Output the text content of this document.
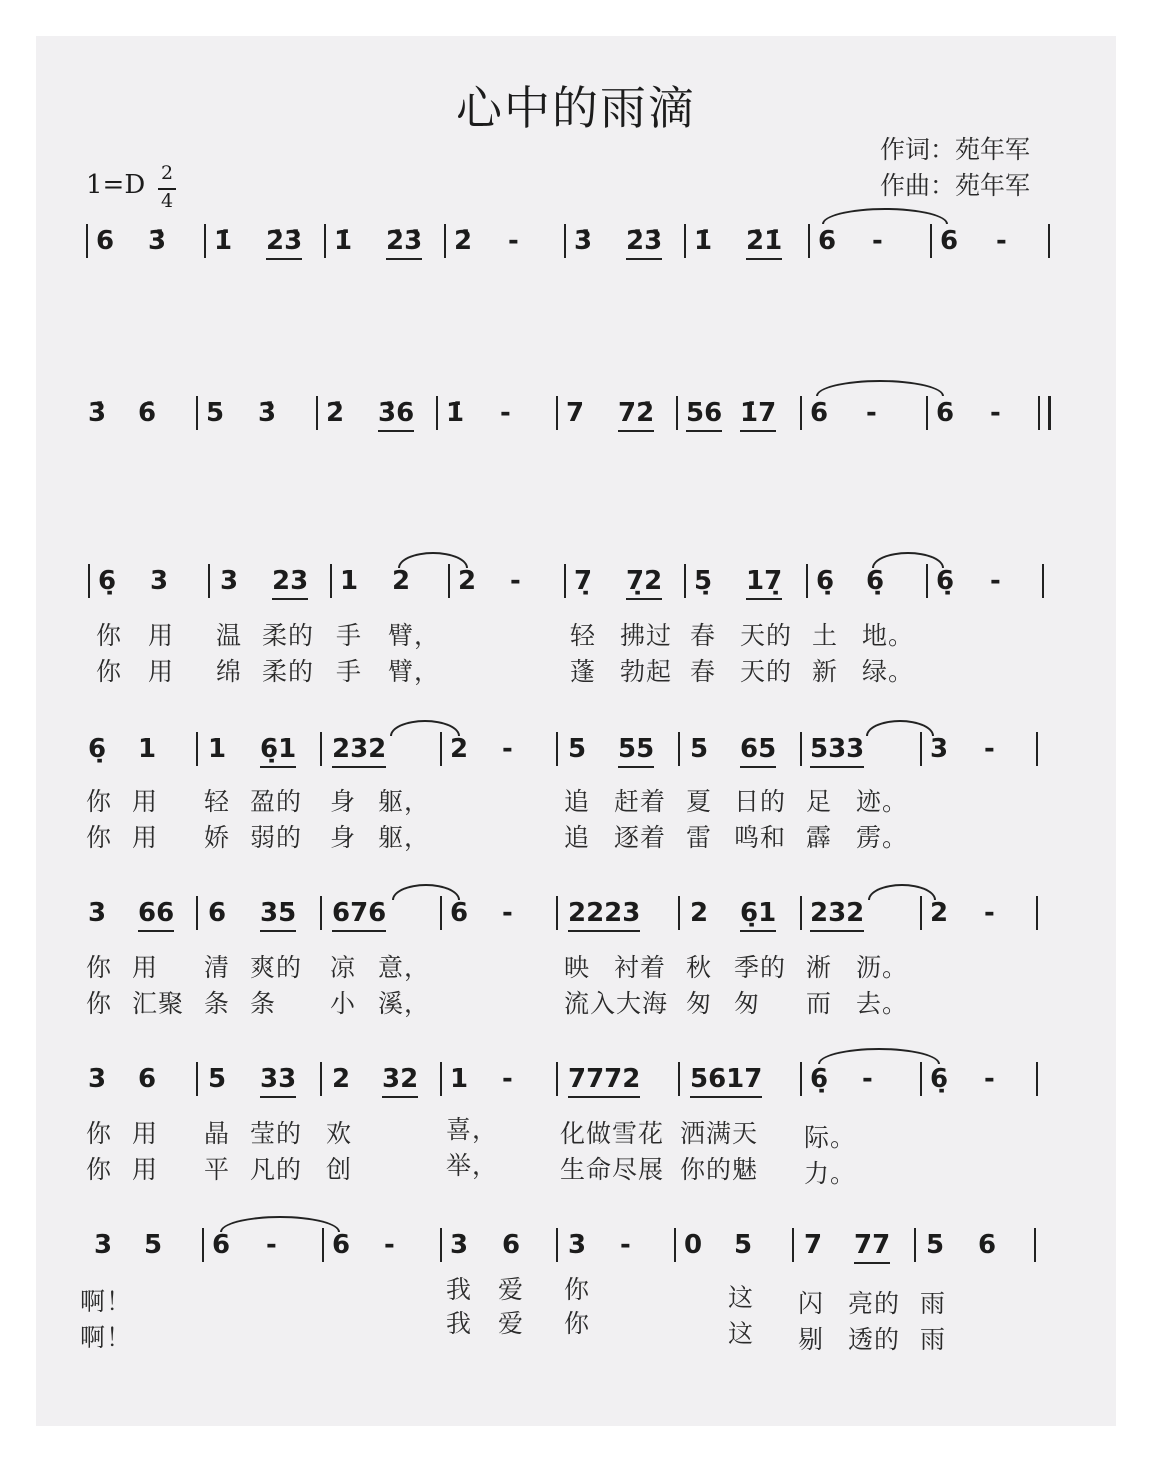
心中的雨滴
作词：苑年军
作曲：苑年军
1=D 2
4
6 3̇ 1̇ 2̇3̇ 1̇ 2̇3̇ 2̇ - 3̇ 2̇3̇ 1̇ 2̇1̇ 6 - 6 -
3̇ 6̇ 5 3̇ 2̇ 3̇6 1̇ - 7 72̇ 56 1̇7 6 - 6 -
6̣ 3 3 23 1 2 2 - 7̣ 7̣2 5̣ 17̣ 6̣ 6̣ 6̣ -
你 用 温 柔的 手 臂，	轻 拂过 春 天的 土 地。
你 用 绵 柔的 手 臂，	蓬 勃起 春 天的 新 绿。
6̣ 1 1 6̣1 232 2 - 5 55 5 65 533	3 -
你 用 轻 盈的 身 躯，	追 赶着 夏 日的 足 迹。
你 用 娇 弱的 身 躯，	追 逐着 雷 鸣和 霹 雳。
3 66 6 35 676 6 - 2223 2 6̣1 232	2 -
你 用 清 爽的 凉 意，	映 衬着 秋 季的 淅 沥。
你 汇聚 条 条 小 溪，	流入大海 匆 匆 而 去。
3 6 5 33 2 32 1 - 7772 5617 6̣ - 6̣ -
你 用 晶 莹的 欢	喜， 化做雪花 洒满天 际。
你 用 平 凡的 创	举， 生命尽展 你的魅 力。
3 5 6 - 6 - 3 6 3 - 0 5 7 77 5 6
啊！	我 爱 你	这 闪 亮的 雨
啊！	我 爱 你	这 剔 透的 雨
